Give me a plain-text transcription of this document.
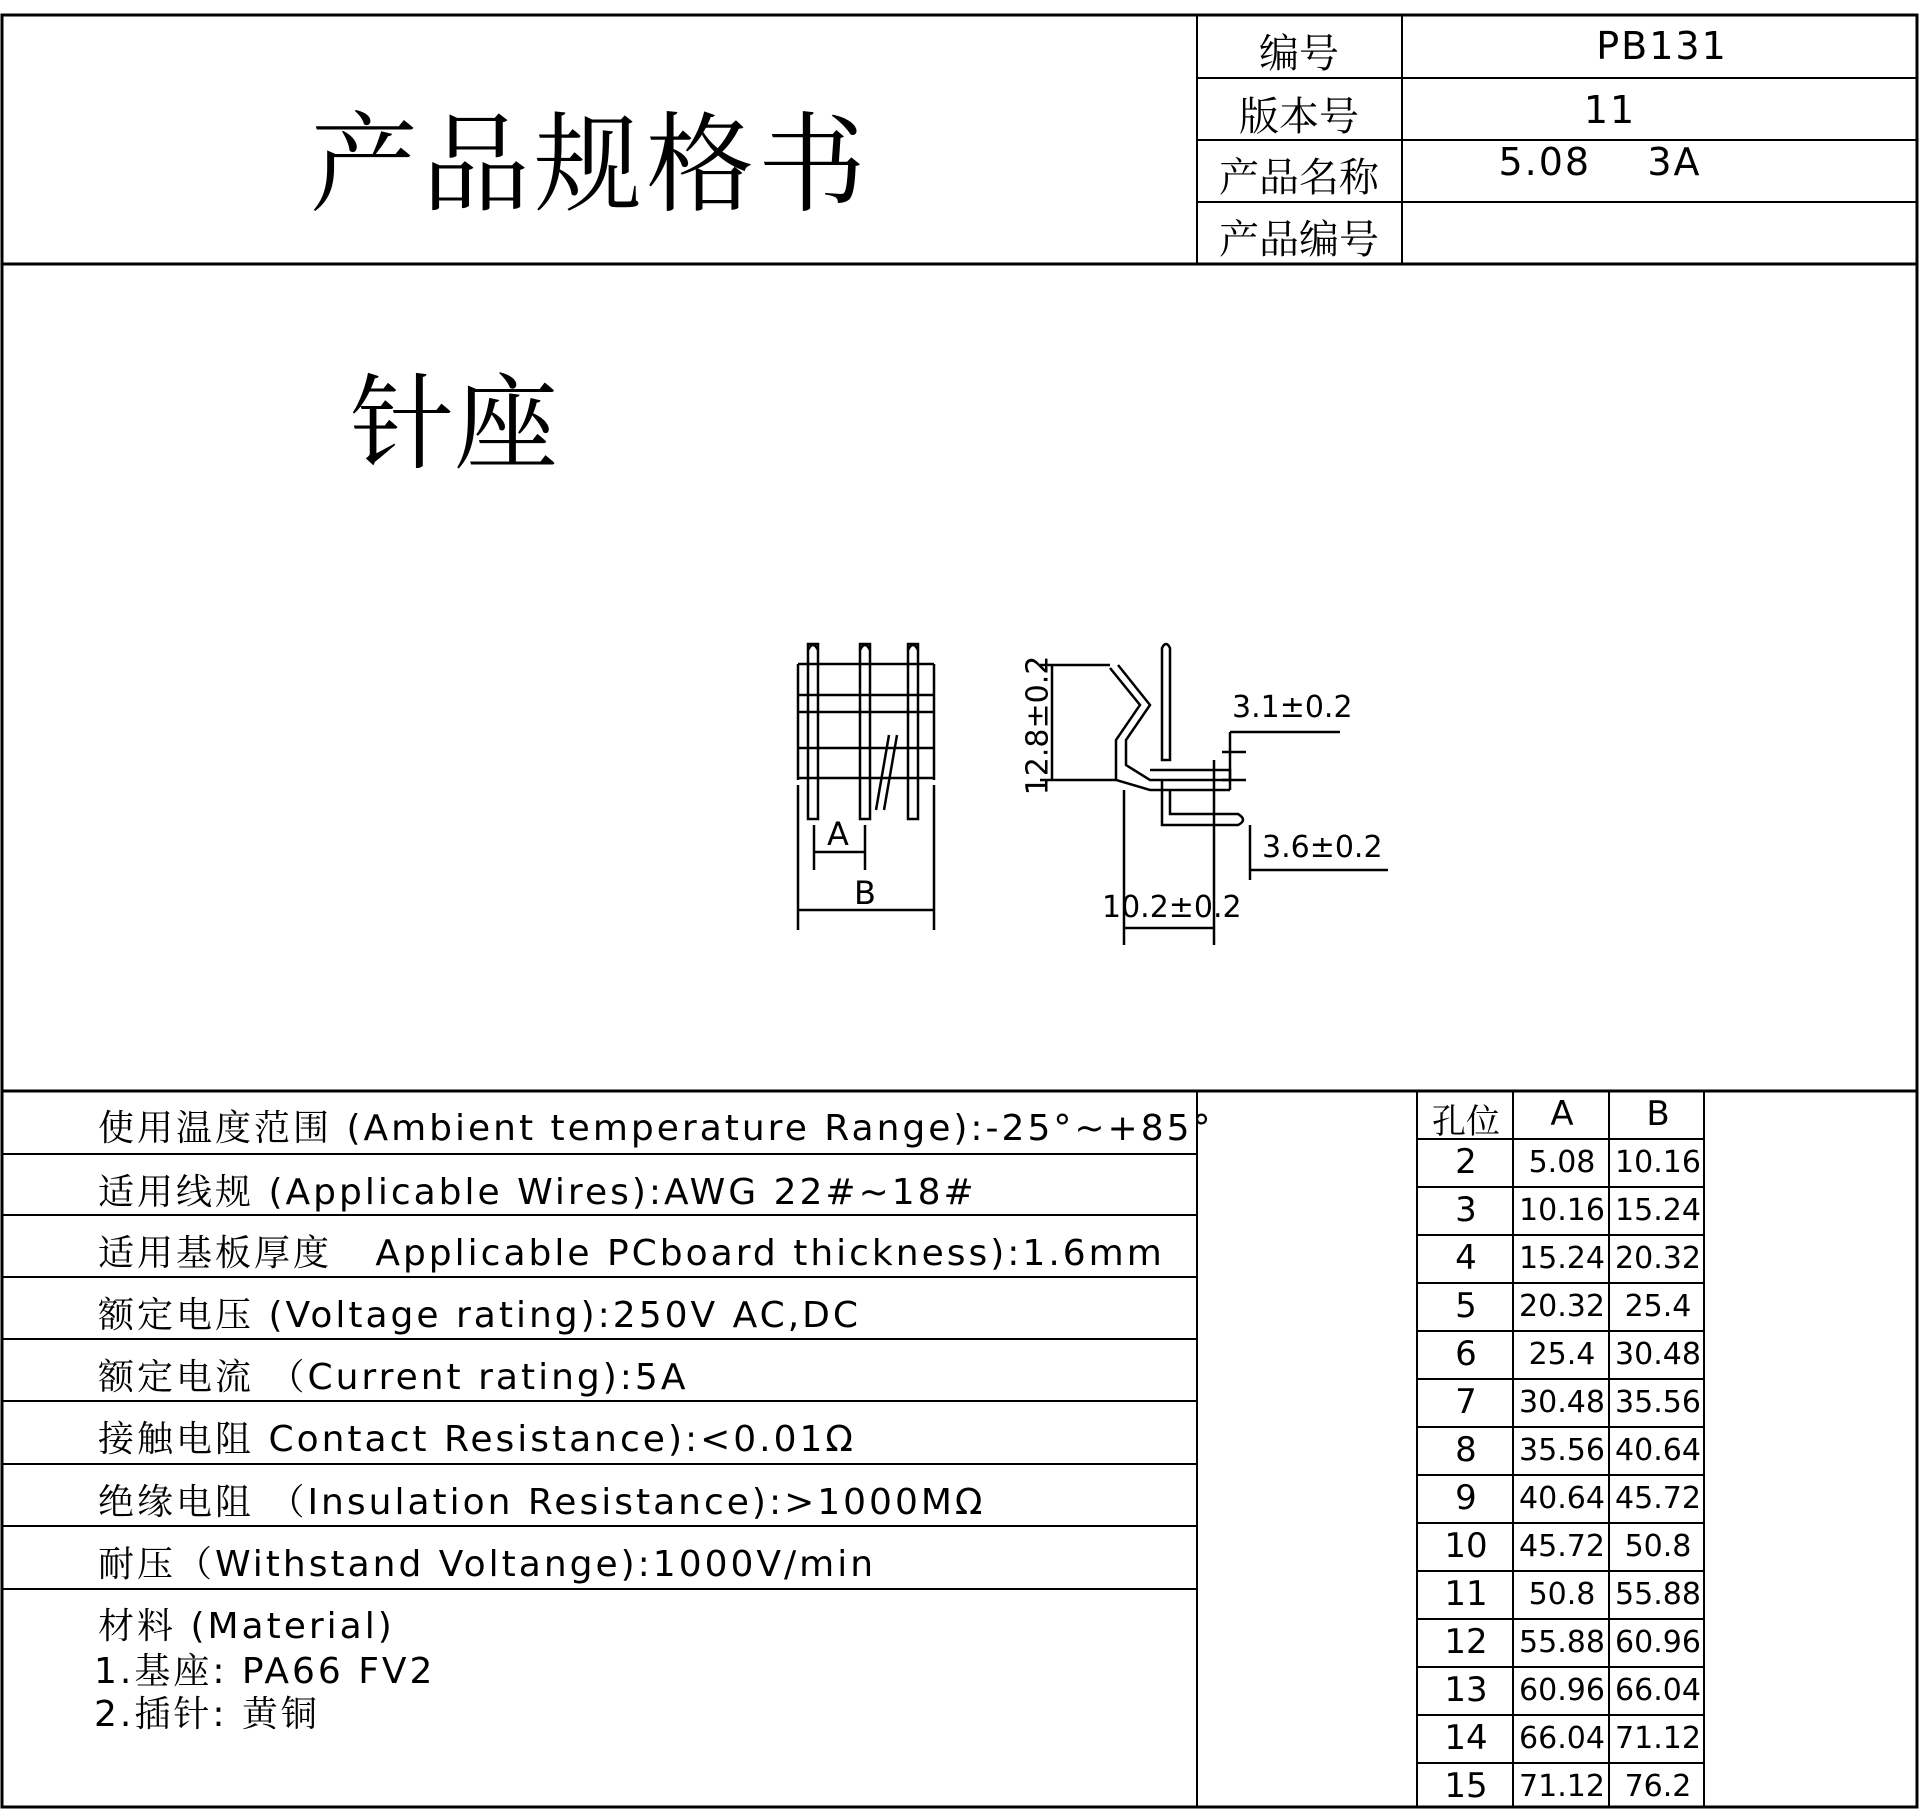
产品规格书
编号	PB131
版本号	11
产品名称	5.08    3A
产品编号
针座
A
B
12.8±0.2	3.1±0.2
3.6±0.2
10.2±0.2
使用温度范围 (Ambient temperature Range):-25°~+85°
适用线规 (Applicable Wires):AWG 22#~18#
适用基板厚度   Applicable PCboard thickness):1.6mm
额定电压 (Voltage rating):250V AC,DC
额定电流 （Current rating):5A
接触电阻 Contact Resistance):<0.01Ω
绝缘电阻 （Insulation Resistance):>1000MΩ
耐压（Withstand Voltange):1000V/min
材料 (Material)
1.基座: PA66 FV2
2.插针: 黄铜
孔位	A	B
2	5.08 10.16
3	10.16 15.24
4	15.24 20.32
5	20.32 25.4
6	25.4 30.48
7	30.48 35.56
8	35.56 40.64
9	40.64 45.72
10	45.72 50.8
11	50.8 55.88
12	55.88 60.96
13	60.96 66.04
14	66.04 71.12
15	71.12 76.2
